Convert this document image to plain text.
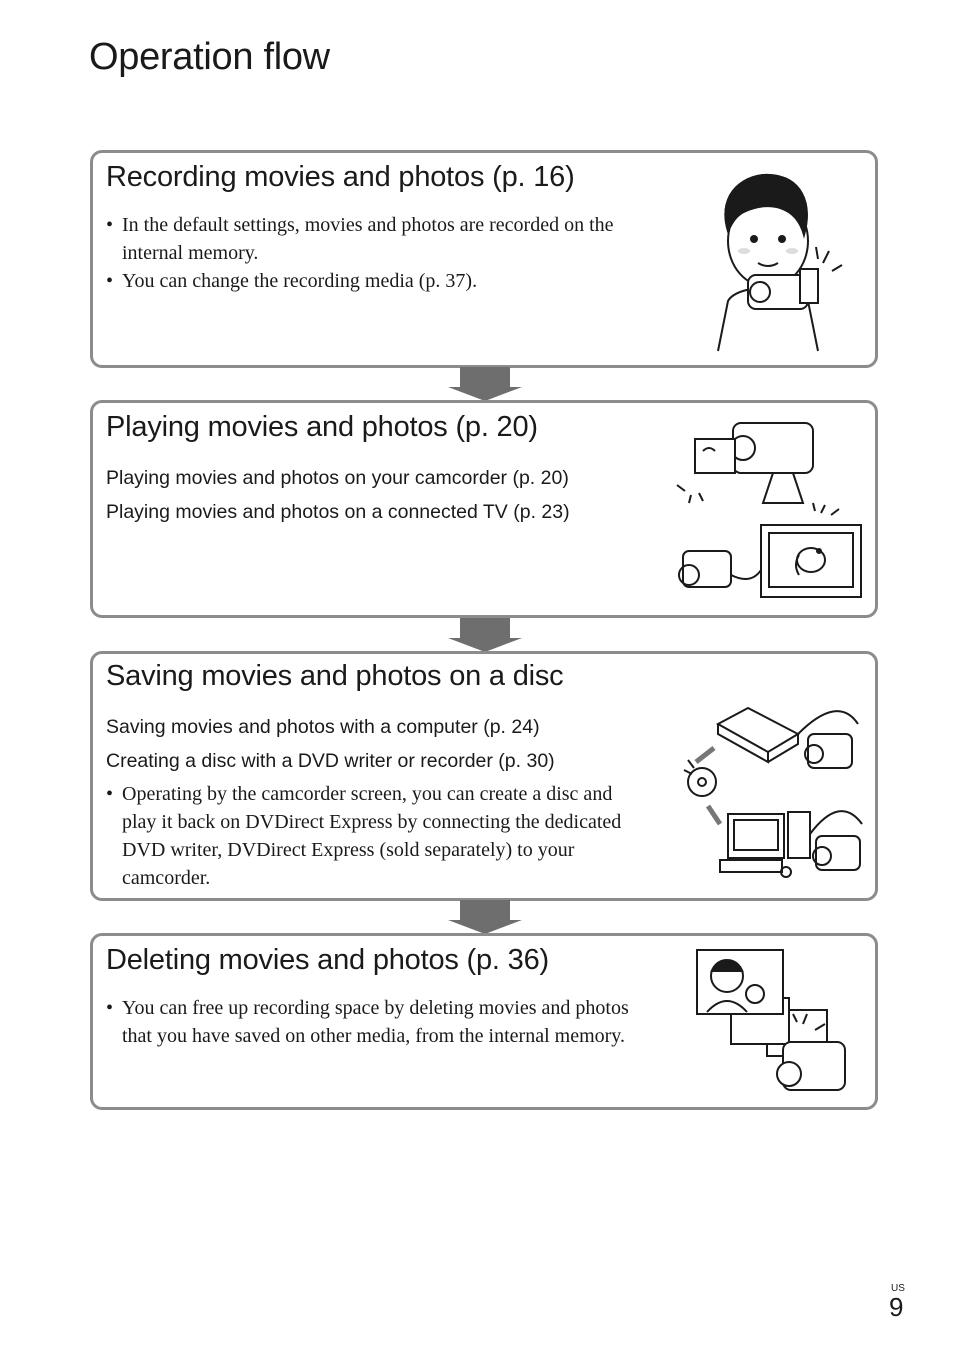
Operation flow
Recording movies and photos (p. 16)

• In the default settings, movies and photos are recorded on the internal memory.

• You can change the recording media (p. 37).

Playing movies and photos (p. 20)

Playing movies and photos on your camcorder (p. 20)

Playing movies and photos on a connected TV (p. 23)

Saving movies and photos on a disc

Saving movies and photos with a computer (p. 24)

Creating a disc with a DVD writer or recorder (p. 30)

• Operating by the camcorder screen, you can create a disc and play it back on DVDirect Express by connecting the dedicated DVD writer, DVDirect Express (sold separately) to your camcorder.

Deleting movies and photos (p. 36)

• You can free up recording space by deleting movies and photos that you have saved on other media, from the internal memory.

US
9
